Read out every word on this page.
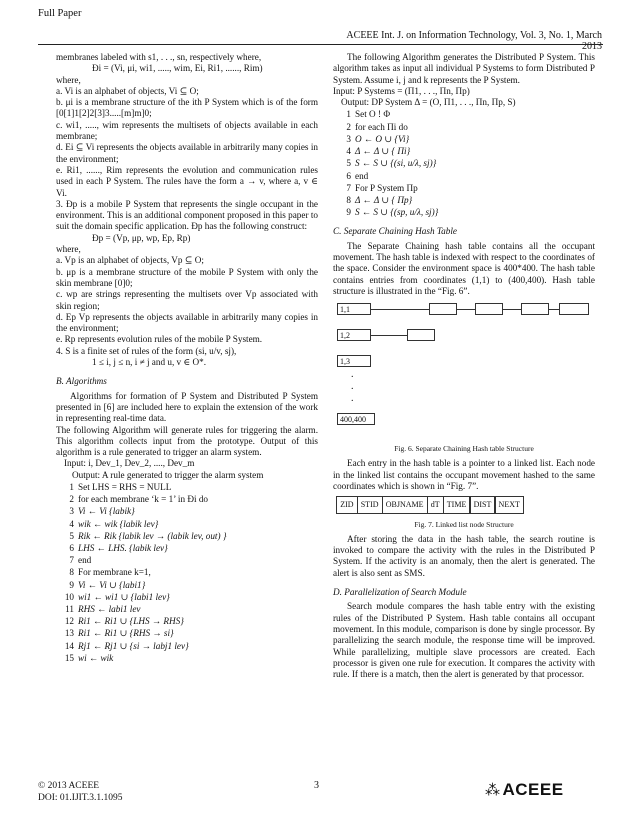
Full Paper
ACEEE Int. J. on Information Technology, Vol. 3, No. 1, March 2013

membranes labeled with s1, . . ., sn, respectively where,

Đi = (Vi, μi, wi1, ....., wim, Ei, Ri1, ......, Rim)

where,

a. Vi is an alphabet of objects, Vi ⊆ O;

b. μi is a membrane structure of the ith P System which is of the form [0[1]1[2]2[3]3.....[m]m]0;

c. wi1, ....., wim represents the multisets of objects available in each membrane;

d. Ei ⊆ Vi represents the objects available in arbitrarily many copies in the environment;

e. Ri1, ......, Rim represents the evolution and communication rules used in each P System. The rules have the form a → v, where a, v ∈ Vi.

3. Đp is a mobile P System that represents the single occupant in the environment. This is an additional component proposed in this paper to suit the domain specific application. Đp has the following construct:

Đp = (Vp, μp, wp, Ep, Rp)

where,

a. Vp is an alphabet of objects, Vp ⊆ O;

b. μp is a membrane structure of the mobile P System with only the skin membrane [0]0;

c. wp are strings representing the multisets over Vp associated with skin region;

d. Ep Vp represents the objects available in arbitrarily many copies in the environment;

e. Rp represents evolution rules of the mobile P System.

4. S is a finite set of rules of the form (si, u/v, sj),

1 ≤ i, j ≤ n, i ≠ j and u, v ∈ O*.

B. Algorithms

Algorithms for formation of P System and Distributed P System presented in [6] are included here to explain the extension of the work in representing real-time data.

The following Algorithm will generate rules for triggering the alarm. This algorithm collects input from the prototype. Output of this algorithm is a rule generated to trigger an alarm system.

Input: i, Dev_1, Dev_2, ...., Dev_m

Output: A rule generated to trigger the alarm system

1 Set LHS = RHS = NULL
2 for each membrane ‘k = 1’ in Đi do
3 Vi ← Vi {labik}
4 wik ← wik {labik lev}
5 Rik ← Rik {labik lev → (labik lev, out) }
6 LHS ← LHS. {labik lev}
7 end
8 For membrane k=1,
9 Vi ← Vi ∪ {labi1}
10 wi1 ← wi1 ∪ {labi1 lev}
11 RHS ← labi1 lev
12 Ri1 ← Ri1 ∪ {LHS → RHS}
13 Ri1 ← Ri1 ∪ {RHS → si}
14 Rj1 ← Rj1 ∪ {si → labj1 lev}
15 wi ← wik

The following Algorithm generates the Distributed P System. This algorithm takes as input all individual P Systems to form Distributed P System. Assume i, j and k represents the P System.

Input: P Systems = (Π1, . . ., Πn, Πp)

Output: DP System Δ = (O, Π1, . . ., Πn, Πp, S)

1 Set O ! Φ
2 for each Πi do
3 O ← O ∪ {Vi}
4 Δ ← Δ ∪ { Πi}
5 S ← S ∪ {(si, u/λ, sj)}
6 end
7 For P System Πp
8 Δ ← Δ ∪ { Πp}
9 S ← S ∪ {(sp, u/λ, sj)}

C. Separate Chaining Hash Table

The Separate Chaining hash table contains all the occupant movement. The hash table is indexed with respect to the coordinates of the space. Consider the environment space is 400*400. The hash table contains entries from coordinates (1,1) to (400,400). Hash table structure is illustrated in the “Fig. 6”.

1,1
1,2
1,3
.
.
.
400,400

Fig. 6. Separate Chaining Hash table Structure

Each entry in the hash table is a pointer to a linked list. Each node in the linked list contains the occupant movement hashed to the same coordinates which is shown in “Fig. 7”.

ZID STID OBJNAME dT TIME DIST NEXT

Fig. 7. Linked list node Structure

After storing the data in the hash table, the search routine is invoked to compare the activity with the rules in the Distributed P System. If the activity is an anomaly, then the alert is generated. The alert is also sent as SMS.

D. Parallelization of Search Module

Search module compares the hash table entry with the existing rules of the Distributed P System. Hash table contains all occupant movement. In this module, comparison is done by single processor. By parallelizing the search module, the response time will be improved. While parallelizing, multiple slave processors are created. Each processor is given one rule for execution. It compares the activity with rule. If there is a match, then the alert is generated by that processor.

© 2013 ACEEE
DOI: 01.IJIT.3.1.1095
3	⁂ ACEEE
